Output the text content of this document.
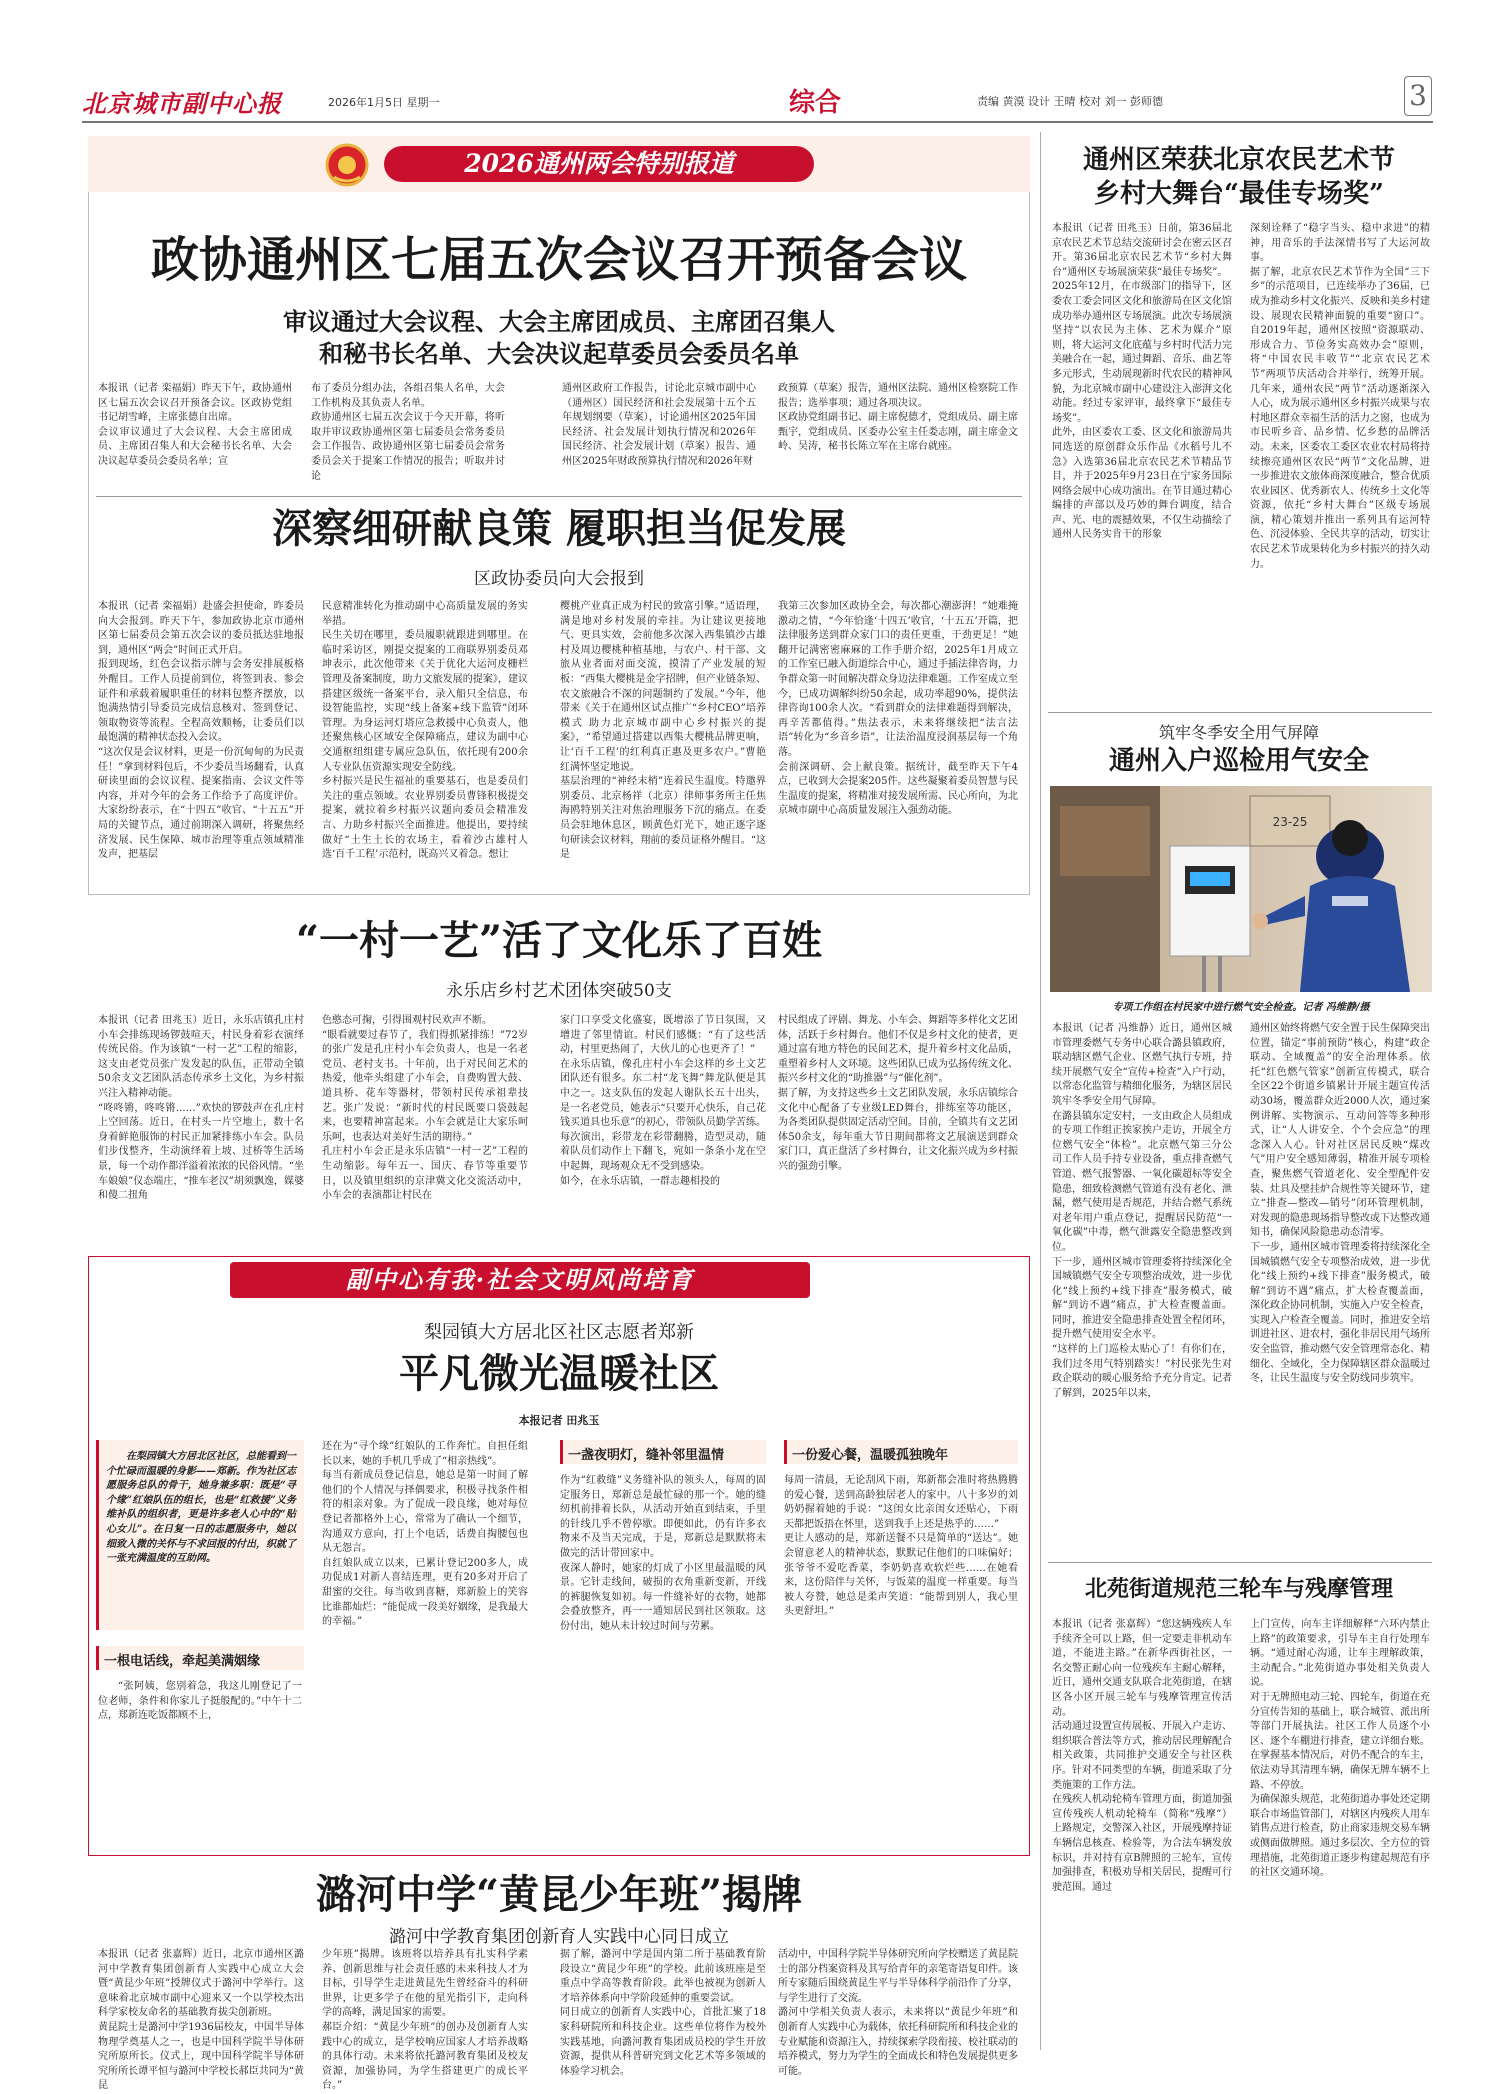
北京城市副中心报	2026年1月5日 星期一	综合	责编 黄漠 设计 王晴 校对 刘一 彭师德	3
2026通州两会特别报道
政协通州区七届五次会议召开预备会议
审议通过大会议程、大会主席团成员、主席团召集人
和秘书长名单、大会决议起草委员会委员名单
本报讯（记者 栾福娟）昨天下午，政协通州区七届五次会议召开预备会议。区政协党组书记胡雪峰，主席张德自出席。
会议审议通过了大会议程、大会主席团成员、主席团召集人和大会秘书长名单、大会决议起草委员会委员名单；宣
布了委员分组办法，各组召集人名单，大会工作机构及其负责人名单。
政协通州区七届五次会议于今天开幕，将听取并审议政协通州区第七届委员会常务委员会工作报告、政协通州区第七届委员会常务委员会关于提案工作情况的报告；听取并讨论
通州区政府工作报告，讨论北京城市副中心（通州区）国民经济和社会发展第十五个五年规划纲要（草案），讨论通州区2025年国民经济、社会发展计划执行情况和2026年国民经济、社会发展计划（草案）报告、通州区2025年财政预算执行情况和2026年财
政预算（草案）报告，通州区法院、通州区检察院工作报告；选举事项；通过各项决议。
区政协党组副书记、副主席倪德才，党组成员、副主席甄宇，党组成员、区委办公室主任娄志刚，副主席金文岭、吴涛，秘书长陈立军在主席台就座。
深察细研献良策 履职担当促发展
区政协委员向大会报到
本报讯（记者 栾福娟）赴盛会担使命，昨委员向大会报到。昨天下午，参加政协北京市通州区第七届委员会第五次会议的委员抵达驻地报到，通州区“两会”时间正式开启。
报到现场，红色会议指示牌与会务安排展板格外醒目。工作人员提前到位，将签到表、参会证件和承载着履职重任的材料包整齐摆放，以饱满热情引导委员完成信息核对、签到登记、领取物资等流程。全程高效顺畅，让委员们以最饱满的精神状态投入会议。
“这次仅是会议材料，更是一份沉甸甸的为民责任！”拿到材料包后，不少委员当场翻看，认真研读里面的会议议程、提案指南、会议文件等内容，并对今年的会务工作给予了高度评价。大家纷纷表示，在“十四五”收官、“十五五”开局的关键节点，通过前期深入调研，将聚焦经济发展、民生保障、城市治理等重点领域精准发声，把基层
民意精准转化为推动副中心高质量发展的务实举措。
民生关切在哪里，委员履职就跟进到哪里。在临时采访区，刚提交提案的工商联界别委员邓坤表示，此次他带来《关于优化大运河皮栅栏管理及备案制度，助力文旅发展的提案》，建议搭建区级统一备案平台，录入船只全信息，布设智能监控，实现“线上备案+线下监管”闭环管理。为身运河灯塔应急救援中心负责人，他还聚焦核心区域安全保障痛点，建议为副中心交通枢纽组建专属应急队伍，依托现有200余人专业队伍资源实现安全防线。
乡村振兴是民生福祉的重要基石，也是委员们关注的重点领域。农业界别委员曹锋积极提交提案，就拉着乡村振兴议题向委员会精准发言、力助乡村振兴全面推进。他提出，要持续做好“土生土长的农场主，看着沙古雄村人选‘百千工程’示范村，既高兴又着急。想让
樱桃产业真正成为村民的致富引擎。”适语理，满是地对乡村发展的牵挂。为让建议更接地气、更具实效，会前他多次深入西集镇沙古雄村及周边樱桃种植基地，与农户、村干部、文旅从业者面对面交流，摸清了产业发展的短板：“西集大樱桃是金字招牌，但产业链条短、农文旅融合不深的问题制约了发展。”今年，他带来《关于在通州区试点推广“乡村CEO”培养模式 助力北京城市副中心乡村振兴的提案》，“希望通过搭建以西集大樱桃品牌更响，让‘百千工程’的红利真正惠及更多农户。”曹艳红满怀坚定地说。
基层治理的“神经末梢”连着民生温度。特邀界别委员、北京杨祥（北京）律师事务所主任焦海鸥特别关注对焦治理服务下沉的痛点。在委员会驻地休息区，顾黄色灯光下，她正逐字逐句研读会议材料，翔前的委员证格外醒目。“这是
我第三次参加区政协全会，每次都心潮澎湃！”她难掩激动之情，“今年恰逢‘十四五’收官，‘十五五’开篇，把法律服务送到群众家门口的责任更重，干劲更足！”她翻开记满密密麻麻的工作手册介绍，2025年1月成立的工作室已融入街道综合中心，通过手插法律咨询，力争群众第一时间解决群众身边法律难题。工作室成立至今，已成功调解纠纷50余起，成功率超90%，提供法律咨询100余人次。“看到群众的法律难题得到解决，再辛苦都值得。”焦法表示，未来将继续把“法言法语”转化为“乡音乡语”，让法治温度浸润基层每一个角落。
会前深调研、会上献良策。据统计，截至昨天下午4点，已收到大会提案205件。这些凝聚着委员智慧与民生温度的提案，将精准对接发展所需、民心所向，为北京城市副中心高质量发展注入强劲动能。
“一村一艺”活了文化乐了百姓
永乐店乡村艺术团体突破50支
本报讯（记者 田兆玉）近日，永乐店镇孔庄村小车会排练现场锣鼓喧天，村民身着彩衣演绎传统民俗。作为该镇“一村一艺”工程的缩影，这支由老党员张广发发起的队伍，正带动全镇50余支文艺团队活态传承乡土文化，为乡村振兴注入精神动能。
“咚咚锵，咚咚锵……”欢快的锣鼓声在孔庄村上空回荡。近日，在村头一片空地上，数十名身着鲜艳服饰的村民正加紧排练小车会。队员们步伐整齐，生动演绎着上坡、过桥等生活场景，每一个动作都洋溢着浓浓的民俗风情。“坐车娘娘”仪态端庄，“推车老汉”胡须飘逸，媒婆和傻二扭角
色憨态可掬，引得围观村民欢声不断。
“眼看就要过春节了，我们得抓紧排练！”72岁的张广发是孔庄村小车会负责人，也是一名老党员、老村支书。十年前，出于对民间艺术的热爱，他牵头组建了小车会，自费购置大鼓、道具桥、花车等器材，带领村民传承祖辈技艺。张广发说：“新时代的村民既要口袋鼓起来，也要精神富起来。小车会就是让大家乐呵乐呵，也表达对美好生活的期待。”
孔庄村小车会正是永乐店镇“一村一艺”工程的生动缩影。每年五一、国庆、春节等重要节日，以及镇里组织的京津冀文化交流活动中，小车会的表演都让村民在
家门口享受文化盛宴，既增添了节日氛围，又增进了邻里情谊。村民们感慨：“有了这些活动，村里更热闹了，大伙儿的心也更齐了！”
在永乐店镇，像孔庄村小车会这样的乡土文艺团队还有很多。东二村“龙飞舞”舞龙队便是其中之一。这支队伍的发起人谢队长五十出头，是一名老党员，她表示“只要开心快乐，自己花钱买道具也乐意”的初心，带领队员勤学苦练。每次演出，彩带龙在彩带翻腾，造型灵动，随着队员们动作上下翻飞，宛如一条条小龙在空中起舞，现场观众无不受到感染。
如今，在永乐店镇，一群志趣相投的
村民组成了评剧、舞龙、小车会、舞蹈等多样化文艺团体，活跃于乡村舞台。他们不仅是乡村文化的使者，更通过富有地方特色的民间艺术，提升着乡村文化品质，重塑着乡村人文环境。这些团队已成为弘扬传统文化、振兴乡村文化的“助推器”与“催化剂”。
据了解，为支持这些乡土文艺团队发展，永乐店镇综合文化中心配备了专业级LED舞台，排练室等功能区，为各类团队提供固定活动空间。目前，全镇共有文艺团体50余支，每年重大节日期间都将文艺展演送到群众家门口，真正盘活了乡村舞台，让文化振兴成为乡村振兴的强劲引擎。
副中心有我·社会文明风尚培育
梨园镇大方居北区社区志愿者郑新
平凡微光温暖社区
本报记者 田兆玉
在梨园镇大方居北区社区，总能看到一个忙碌而温暖的身影——郑新。作为社区志愿服务总队的骨干，她身兼多职：既是“寻个缘”红娘队伍的组长，也是“红救援”义务维补队的组织者，更是许多老人心中的“贴心女儿”。在日复一日的志愿服务中，她以细致入微的关怀与不求回报的付出，织就了一张充满温度的互助网。
一根电话线，牵起美满姻缘
“张阿姨，您别着急，我这儿刚登记了一位老师，条件和你家儿子挺般配的。”中午十二点，郑新连吃饭都顾不上，
还在为“寻个缘”红娘队的工作奔忙。自担任组长以来，她的手机几乎成了“相亲热线”。
每当有新成员登记信息，她总是第一时间了解他们的个人情况与择偶要求，积极寻找条件相符的相亲对象。为了促成一段良缘，她对每位登记者都格外上心，常常为了确认一个细节，沟通双方意向，打上个电话，话费自掏腰包也从无怨言。
自红娘队成立以来，已累计登记200多人，成功促成1对新人喜结连理，更有20多对开启了甜蜜的交往。每当收到喜糖，郑新脸上的笑容比谁都灿烂：“能促成一段美好姻缘，是我最大的幸福。”
一盏夜明灯，缝补邻里温情
作为“红救缝”义务缝补队的领头人，每周的固定服务日，郑新总是最忙碌的那一个。她的缝纫机前排着长队，从活动开始直到结束，手里的针线几乎不曾停歇。即便如此，仍有许多衣物来不及当天完成，于是，郑新总是默默将未做完的活计带回家中。
夜深人静时，她家的灯成了小区里最温暖的风景。它针走线间，破损的衣角重新变新，开线的裤腿恢复如初。每一件缝补好的衣物，她都会叠放整齐，再一一通知居民到社区领取。这份付出，她从未计较过时间与劳累。
一份爱心餐，温暖孤独晚年
每周一清晨，无论刮风下雨，郑新都会准时将热腾腾的爱心餐，送到高龄独居老人的家中。八十多岁的刘奶奶握着她的手说：“这闺女比亲闺女还贴心，下雨天都把饭捂在怀里，送到我手上还是热乎的……”
更让人感动的是，郑新送餐不只是简单的“送达”。她会留意老人的精神状态，默默记住他们的口味偏好；张爷爷不爱吃香菜，李奶奶喜欢软烂些……在她看来，这份陪伴与关怀，与饭菜的温度一样重要。每当被人夸赞，她总是柔声笑道：“能帮到别人，我心里头更舒坦。”
潞河中学“黄昆少年班”揭牌
潞河中学教育集团创新育人实践中心同日成立
本报讯（记者 张嘉辉）近日，北京市通州区潞河中学教育集团创新育人实践中心成立大会暨“黄昆少年班”授牌仪式于潞河中学举行。这意味着北京城市副中心迎来又一个以学校杰出科学家校友命名的基础教育拔尖创新班。
黄昆院士是潞河中学1936届校友，中国半导体物理学奠基人之一，也是中国科学院半导体研究所原所长。仪式上，现中国科学院半导体研究所所长谭平恒与潞河中学校长郝臣共同为“黄昆
少年班”揭牌。该班将以培养具有扎实科学素养、创新思维与社会责任感的未来科技人才为目标，引导学生走进黄昆先生曾经奋斗的科研世界，让更多学子在他的星光指引下，走向科学的高峰，满足国家的需要。
郝臣介绍：“黄昆少年班”的创办及创新育人实践中心的成立，是学校响应国家人才培养战略的具体行动。未来将依托潞河教育集团及校友资源，加强协同，为学生搭建更广的成长平台。”
据了解，潞河中学是国内第二所于基础教育阶段设立“黄昆少年班”的学校。此前该班座是至重点中学高等教育阶段。此举也被视为创新人才培养体系向中学阶段延伸的重要尝试。
同日成立的创新育人实践中心，首批汇聚了18家科研院所和科技企业。这些单位将作为校外实践基地，向潞河教育集团成员校的学生开放资源，提供从科普研究到文化艺术等多领域的体验学习机会。
活动中，中国科学院半导体研究所向学校赠送了黄昆院士的部分档案资料及其写给青年的亲笔寄语复印件。该所专家随后围绕黄昆生平与半导体科学前沿作了分享，与学生进行了交流。
潞河中学相关负责人表示，未来将以“黄昆少年班”和创新育人实践中心为载体，依托科研院所和科技企业的专业赋能和资源注入，持续探索学段衔接、校社联动的培养模式，努力为学生的全面成长和特色发展提供更多可能。
通州区荣获北京农民艺术节
乡村大舞台“最佳专场奖”
本报讯（记者 田兆玉）日前，第36届北京农民艺术节总结交流研讨会在密云区召开。第36届北京农民艺术节“乡村大舞台”通州区专场展演荣获“最佳专场奖”。
2025年12月，在市级部门的指导下，区委农工委会同区文化和旅游局在区文化馆成功举办通州区专场展演。此次专场展演坚持“以农民为主体、艺术为媒介”原则，将大运河文化底蕴与乡村时代活力完美融合在一起，通过舞蹈、音乐、曲艺等多元形式，生动展现新时代农民的精神风貌，为北京城市副中心建设注入澎湃文化动能。经过专家评审，最终拿下“最佳专场奖”。
此外，由区委农工委、区文化和旅游局共同选送的原创群众乐作品《水稻号儿不急》入选第36届北京农民艺术节精品节目，并于2025年9月23日在宁家务国际网络会展中心成功演出。在节目通过精心编排的声部以及巧妙的舞台调度，结合声、光、电的震撼效果，不仅生动描绘了通州人民务实肯干的形象
深刻诠释了“稳字当头、稳中求进”的精神，用音乐的手法深情书写了大运河故事。
据了解，北京农民艺术节作为全国“三下乡”的示范项目，已连续举办了36届，已成为推动乡村文化振兴、反映和美乡村建设、展现农民精神面貌的重要“窗口”。自2019年起，通州区按照“资源联动、形成合力、节俭务实高效办会”原则，将“中国农民丰收节”“北京农民艺术节”两项节庆活动合并举行，统筹开展。几年来，通州农民“两节”活动逐渐深入人心，成为展示通州区乡村振兴成果与农村地区群众幸福生活的活力之窗，也成为市民听乡音、品乡情、忆乡愁的品牌活动。未来，区委农工委区农业农村局将持续擦亮通州区农民“两节”文化品牌，进一步推进农文旅体商深度融合，整合优质农业园区、优秀新农人、传统乡土文化等资源，依托“乡村大舞台”区级专场展演，精心策划并推出一系列具有运河特色、沉浸体验、全民共享的活动，切实让农民艺术节成果转化为乡村振兴的持久动力。
筑牢冬季安全用气屏障
通州入户巡检用气安全
23-25
专项工作组在村民家中进行燃气安全检查。记者 冯维静/摄
本报讯（记者 冯维静）近日，通州区城市管理委燃气专务中心联合潞县镇政府，联动辖区燃气企业、区燃气执行专班，持续开展燃气安全“宣传+检查”入户行动，以常态化监管与精细化服务，为辖区居民筑牢冬季安全用气屏障。
在潞县镇东定安村，一支由政企人员组成的专项工作组正挨家挨户走访，开展全方位燃气安全“体检”。北京燃气第三分公司工作人员手持专业设备，重点排查燃气管道、燃气报警器、一氧化碳超标等安全隐患，细致检测燃气管道有没有老化、泄漏，燃气使用是否规范，并结合燃气系统对老年用户重点登记，提醒居民防范“一氧化碳”中毒，燃气泄露安全隐患整改到位。
下一步，通州区城市管理委将持续深化全国城镇燃气安全专项整治成效，进一步优化“线上预约+线下排查”服务模式，破解“到访不遇”痛点，扩大检查覆盖面。同时，推进安全隐患排查处置全程闭环，提升燃气使用安全水平。
“这样的上门巡检太贴心了！有你们在，我们过冬用气特别踏实！”村民张先生对政企联动的暖心服务给予充分肯定。记者了解到，2025年以来，
通州区始终将燃气安全置于民生保障突出位置，锚定“事前预防”核心，构建“政企联动、全域覆盖”的安全治理体系。依托“红色燃气管家”创新宣传模式，联合全区22个街道乡镇累计开展主题宣传活动30场，覆盖群众近2000人次，通过案例讲解、实物演示、互动问答等多种形式，让“人人讲安全、个个会应急”的理念深入人心。针对社区居民反映“煤改气”用户安全感知薄弱，精准开展专项检查，聚焦燃气管道老化、安全型配件安装、灶具及壁挂炉合规性等关键环节，建立“排查—整改—销号”闭环管理机制，对发现的隐患现场指导整改或下达整改通知书，确保风险隐患动态清零。
下一步，通州区城市管理委将持续深化全国城镇燃气安全专项整治成效，进一步优化“线上预约+线下排查”服务模式，破解“到访不遇”痛点，扩大检查覆盖面，深化政企协同机制，实施入户安全检查，实现入户检查全覆盖。同时，推进安全培训进社区、进农村，强化非居民用气场所安全监管，推动燃气安全管理常态化、精细化、全域化，全力保障辖区群众温暖过冬，让民生温度与安全防线同步筑牢。
北苑街道规范三轮车与残摩管理
本报讯（记者 张嘉辉）“您这辆残疾人车手续齐全可以上路，但一定要走非机动车道，不能进主路。”在新华西街社区，一名交警正耐心向一位残疾车主耐心解释，近日，通州交通支队联合北苑街道，在辖区各小区开展三轮车与残摩管理宣传活动。
活动通过设置宣传展板、开展入户走访、组织联合普法等方式，推动居民理解配合相关政策，共同推护交通安全与社区秩序。针对不同类型的车辆，街道采取了分类施策的工作方法。
在残疾人机动轮椅车管理方面，街道加强宣传残疾人机动轮椅车（简称“残摩”）上路规定，交警深入社区，开展残摩持证车辆信息核查、检验等，为合法车辆发放标识，并对持有京B牌照的三轮车，宣传加强排查，积极劝导相关居民，提醒可行驶范围。通过
上门宣传，向车主详细解释“六环内禁止上路”的政策要求，引导车主自行处理车辆。“通过耐心沟通，让车主理解政策，主动配合。”北苑街道办事处相关负责人说。
对于无牌照电动三轮、四轮车，街道在充分宣传告知的基础上，联合城管、派出所等部门开展执法。社区工作人员逐个小区、逐个车棚进行排查，建立详细台账。在掌握基本情况后，对仍不配合的车主，依法劝导其清理车辆，确保无牌车辆不上路、不停放。
为确保源头规范，北苑街道办事处还定期联合市场监管部门，对辖区内残疾人用车销售点进行检查，防止商家违规交易车辆或侧面做牌照。通过多层次、全方位的管理措施，北苑街道正逐步构建起规范有序的社区交通环境。
